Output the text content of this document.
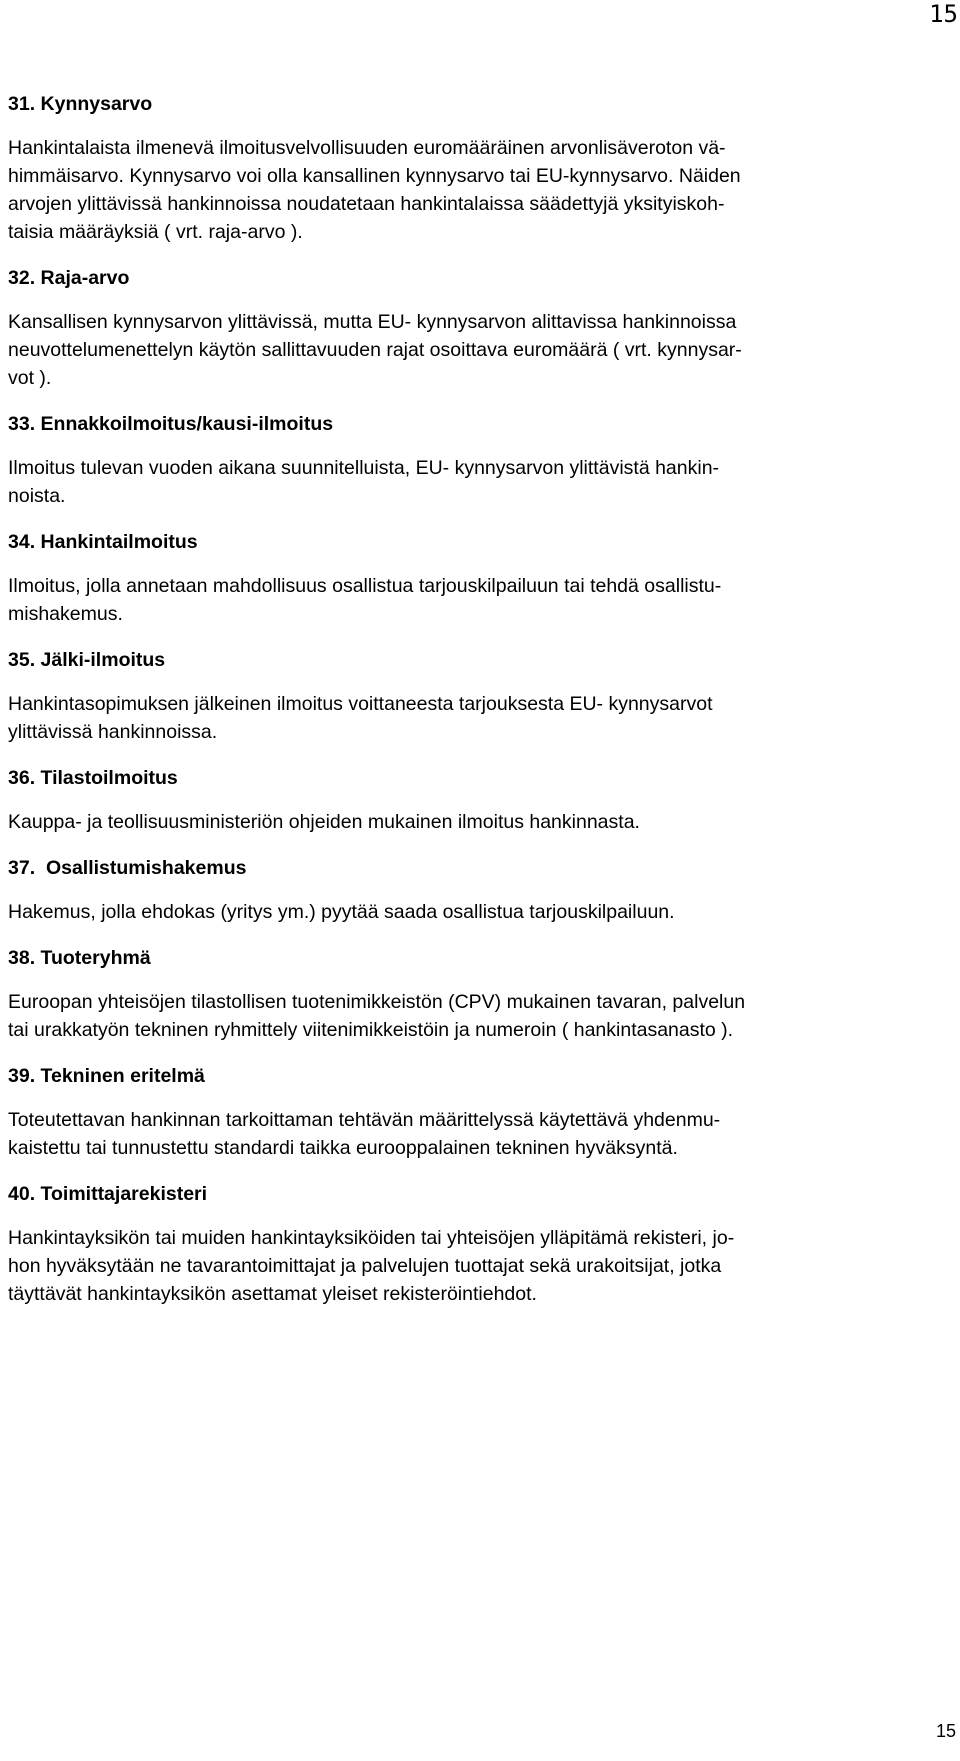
15
31. Kynnysarvo
Hankintalaista ilmenevä ilmoitusvelvollisuuden euromääräinen arvonlisäveroton vä-
himmäisarvo. Kynnysarvo voi olla kansallinen kynnysarvo tai EU-kynnysarvo. Näiden
arvojen ylittävissä hankinnoissa noudatetaan hankintalaissa säädettyjä yksityiskoh-
taisia määräyksiä ( vrt. raja-arvo ).
32. Raja-arvo
Kansallisen kynnysarvon ylittävissä, mutta EU- kynnysarvon alittavissa hankinnoissa
neuvottelumenettelyn käytön sallittavuuden rajat osoittava euromäärä ( vrt. kynnysar-
vot ).
33. Ennakkoilmoitus/kausi-ilmoitus
Ilmoitus tulevan vuoden aikana suunnitelluista, EU- kynnysarvon ylittävistä hankin-
noista.
34. Hankintailmoitus
Ilmoitus, jolla annetaan mahdollisuus osallistua tarjouskilpailuun tai tehdä osallistu-
mishakemus.
35. Jälki-ilmoitus
Hankintasopimuksen jälkeinen ilmoitus voittaneesta tarjouksesta EU- kynnysarvot
ylittävissä hankinnoissa.
36. Tilastoilmoitus
Kauppa- ja teollisuusministeriön ohjeiden mukainen ilmoitus hankinnasta.
37.  Osallistumishakemus
Hakemus, jolla ehdokas (yritys ym.) pyytää saada osallistua tarjouskilpailuun.
38. Tuoteryhmä
Euroopan yhteisöjen tilastollisen tuotenimikkeistön (CPV) mukainen tavaran, palvelun
tai urakkatyön tekninen ryhmittely viitenimikkeistöin ja numeroin ( hankintasanasto ).
39. Tekninen eritelmä
Toteutettavan hankinnan tarkoittaman tehtävän määrittelyssä käytettävä yhdenmu-
kaistettu tai tunnustettu standardi taikka eurooppalainen tekninen hyväksyntä.
40. Toimittajarekisteri
Hankintayksikön tai muiden hankintayksiköiden tai yhteisöjen ylläpitämä rekisteri, jo-
hon hyväksytään ne tavarantoimittajat ja palvelujen tuottajat sekä urakoitsijat, jotka
täyttävät hankintayksikön asettamat yleiset rekisteröintiehdot.
15
